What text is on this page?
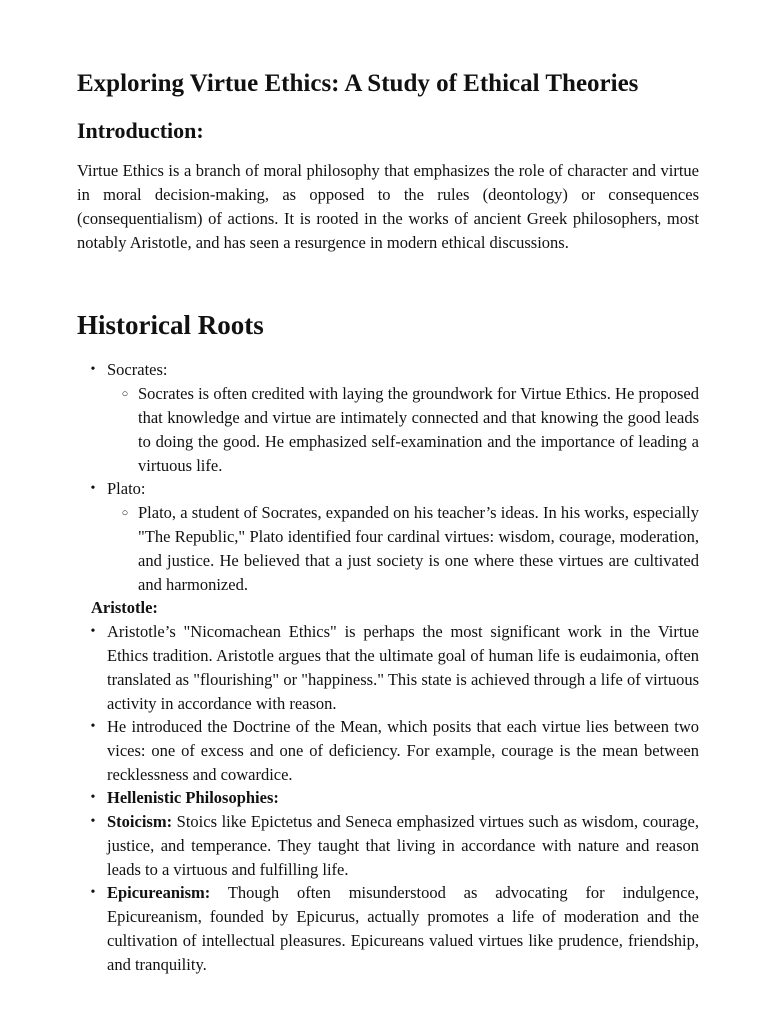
Exploring Virtue Ethics: A Study of Ethical Theories
Introduction:

Virtue Ethics is a branch of moral philosophy that emphasizes the role of character and virtue in moral decision-making, as opposed to the rules (deontology) or consequences (consequentialism) of actions. It is rooted in the works of ancient Greek philosophers, most notably Aristotle, and has seen a resurgence in modern ethical discussions.

Historical Roots
• Socrates:

○ Socrates is often credited with laying the groundwork for Virtue Ethics. He proposed that knowledge and virtue are intimately connected and that knowing the good leads to doing the good. He emphasized self-examination and the importance of leading a virtuous life.

• Plato:

○ Plato, a student of Socrates, expanded on his teacher’s ideas. In his works, especially "The Republic," Plato identified four cardinal virtues: wisdom, courage, moderation, and justice. He believed that a just society is one where these virtues are cultivated and harmonized.

Aristotle:

• Aristotle’s "Nicomachean Ethics" is perhaps the most significant work in the Virtue Ethics tradition. Aristotle argues that the ultimate goal of human life is eudaimonia, often translated as "flourishing" or "happiness." This state is achieved through a life of virtuous activity in accordance with reason.

• He introduced the Doctrine of the Mean, which posits that each virtue lies between two vices: one of excess and one of deficiency. For example, courage is the mean between recklessness and cowardice.

• Hellenistic Philosophies:

• Stoicism: Stoics like Epictetus and Seneca emphasized virtues such as wisdom, courage, justice, and temperance. They taught that living in accordance with nature and reason leads to a virtuous and fulfilling life.

• Epicureanism: Though often misunderstood as advocating for indulgence, Epicureanism, founded by Epicurus, actually promotes a life of moderation and the cultivation of intellectual pleasures. Epicureans valued virtues like prudence, friendship, and tranquility.
